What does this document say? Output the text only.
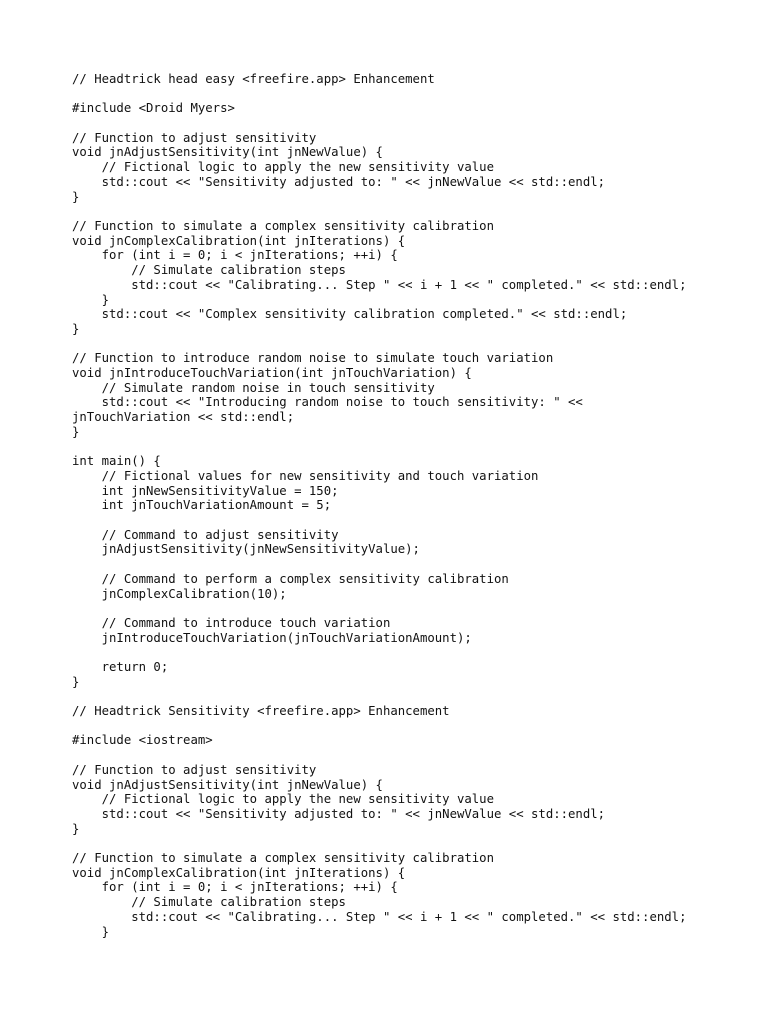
// Headtrick head easy <freefire.app> Enhancement
#include <Droid Myers>
// Function to adjust sensitivity
void jnAdjustSensitivity(int jnNewValue) {
// Fictional logic to apply the new sensitivity value
std::cout << "Sensitivity adjusted to: " << jnNewValue << std::endl;
}
// Function to simulate a complex sensitivity calibration
void jnComplexCalibration(int jnIterations) {
for (int i = 0; i < jnIterations; ++i) {
// Simulate calibration steps
std::cout << "Calibrating... Step " << i + 1 << " completed." << std::endl;
}
std::cout << "Complex sensitivity calibration completed." << std::endl;
}
// Function to introduce random noise to simulate touch variation
void jnIntroduceTouchVariation(int jnTouchVariation) {
// Simulate random noise in touch sensitivity
std::cout << "Introducing random noise to touch sensitivity: " <<
jnTouchVariation << std::endl;
}
int main() {
// Fictional values for new sensitivity and touch variation
int jnNewSensitivityValue = 150;
int jnTouchVariationAmount = 5;
// Command to adjust sensitivity
jnAdjustSensitivity(jnNewSensitivityValue);
// Command to perform a complex sensitivity calibration
jnComplexCalibration(10);
// Command to introduce touch variation
jnIntroduceTouchVariation(jnTouchVariationAmount);
return 0;
}
// Headtrick Sensitivity <freefire.app> Enhancement
#include <iostream>
// Function to adjust sensitivity
void jnAdjustSensitivity(int jnNewValue) {
// Fictional logic to apply the new sensitivity value
std::cout << "Sensitivity adjusted to: " << jnNewValue << std::endl;
}
// Function to simulate a complex sensitivity calibration
void jnComplexCalibration(int jnIterations) {
for (int i = 0; i < jnIterations; ++i) {
// Simulate calibration steps
std::cout << "Calibrating... Step " << i + 1 << " completed." << std::endl;
}
